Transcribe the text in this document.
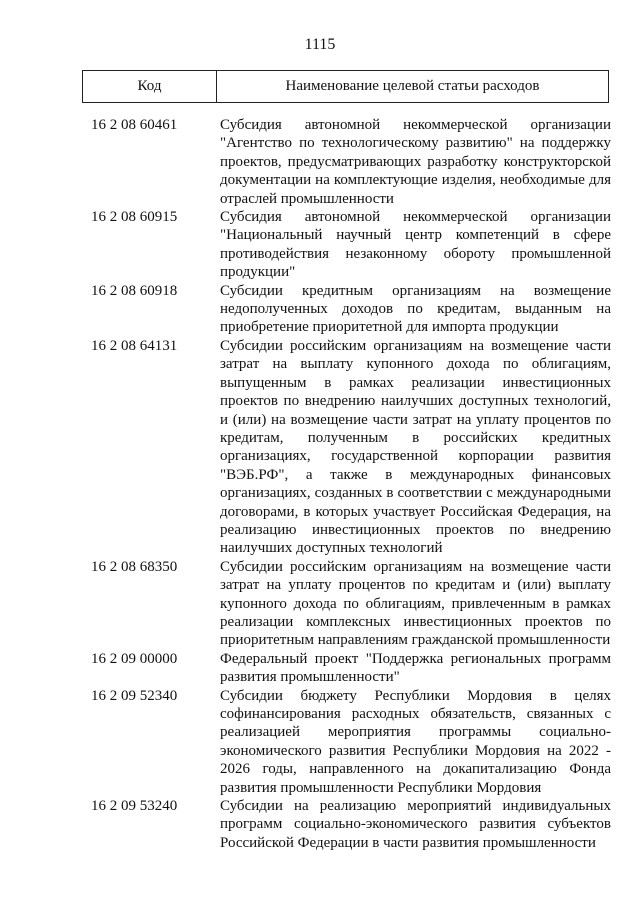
1115
Код	Наименование целевой статьи расходов
16 2 08 60461	Субсидия автономной некоммерческой организации "Агентство по технологическому развитию" на поддержку проектов, предусматривающих разработку конструкторской документации на комплектующие изделия, необходимые для отраслей промышленности
16 2 08 60915	Субсидия автономной некоммерческой организации "Национальный научный центр компетенций в сфере противодействия незаконному обороту промышленной продукции"
16 2 08 60918	Субсидии кредитным организациям на возмещение недополученных доходов по кредитам, выданным на приобретение приоритетной для импорта продукции
16 2 08 64131	Субсидии российским организациям на возмещение части затрат на выплату купонного дохода по облигациям, выпущенным в рамках реализации инвестиционных проектов по внедрению наилучших доступных технологий, и (или) на возмещение части затрат на уплату процентов по кредитам, полученным в российских кредитных организациях, государственной корпорации развития "ВЭБ.РФ", а также в международных финансовых организациях, созданных в соответствии с международными договорами, в которых участвует Российская Федерация, на реализацию инвестиционных проектов по внедрению наилучших доступных технологий
16 2 08 68350	Субсидии российским организациям на возмещение части затрат на уплату процентов по кредитам и (или) выплату купонного дохода по облигациям, привлеченным в рамках реализации комплексных инвестиционных проектов по приоритетным направлениям гражданской промышленности
16 2 09 00000	Федеральный проект "Поддержка региональных программ развития промышленности"
16 2 09 52340	Субсидии бюджету Республики Мордовия в целях софинансирования расходных обязательств, связанных с реализацией мероприятия программы социально-экономического развития Республики Мордовия на 2022 - 2026 годы, направленного на докапитализацию Фонда развития промышленности Республики Мордовия
16 2 09 53240	Субсидии на реализацию мероприятий индивидуальных программ социально-экономического развития субъектов Российской Федерации в части развития промышленности
